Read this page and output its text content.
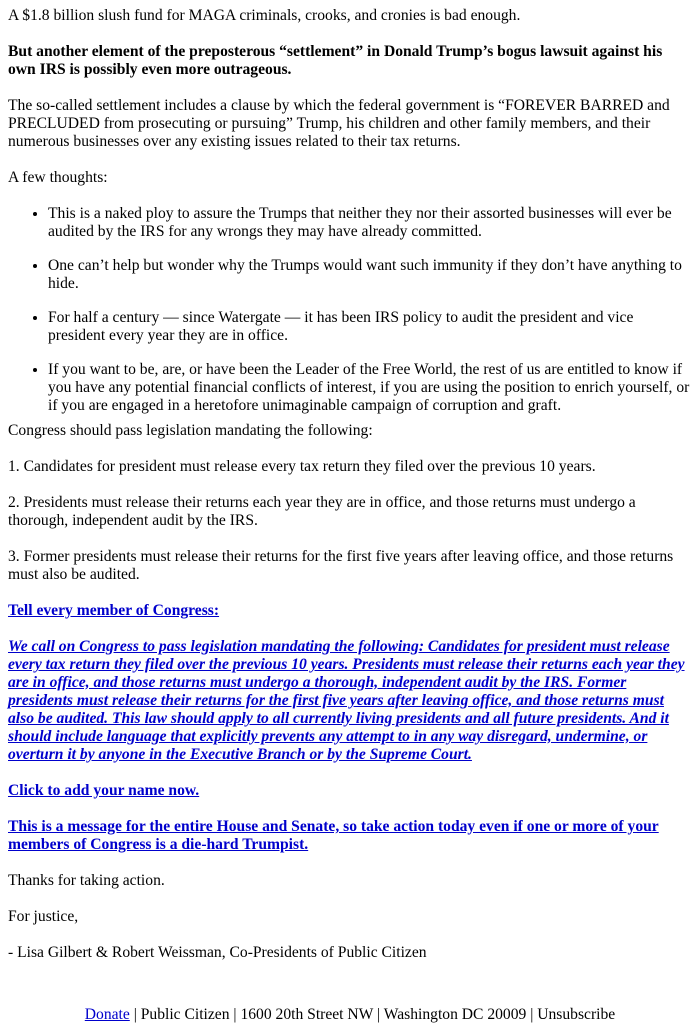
A $1.8 billion slush fund for MAGA criminals, crooks, and cronies is bad enough.

But another element of the preposterous “settlement” in Donald Trump’s bogus lawsuit against his own IRS is possibly even more outrageous.

The so-called settlement includes a clause by which the federal government is “FOREVER BARRED and PRECLUDED from prosecuting or pursuing” Trump, his children and other family members, and their numerous businesses over any existing issues related to their tax returns.

A few thoughts:

• This is a naked ploy to assure the Trumps that neither they nor their assorted businesses will ever be audited by the IRS for any wrongs they may have already committed.
• One can’t help but wonder why the Trumps would want such immunity if they don’t have anything to hide.
• For half a century — since Watergate — it has been IRS policy to audit the president and vice president every year they are in office.
• If you want to be, are, or have been the Leader of the Free World, the rest of us are entitled to know if you have any potential financial conflicts of interest, if you are using the position to enrich yourself, or if you are engaged in a heretofore unimaginable campaign of corruption and graft.

Congress should pass legislation mandating the following:

1. Candidates for president must release every tax return they filed over the previous 10 years.

2. Presidents must release their returns each year they are in office, and those returns must undergo a thorough, independent audit by the IRS.

3. Former presidents must release their returns for the first five years after leaving office, and those returns must also be audited.

Tell every member of Congress:

We call on Congress to pass legislation mandating the following: Candidates for president must release every tax return they filed over the previous 10 years. Presidents must release their returns each year they are in office, and those returns must undergo a thorough, independent audit by the IRS. Former presidents must release their returns for the first five years after leaving office, and those returns must also be audited. This law should apply to all currently living presidents and all future presidents. And it should include language that explicitly prevents any attempt to in any way disregard, undermine, or overturn it by anyone in the Executive Branch or by the Supreme Court.

Click to add your name now.

This is a message for the entire House and Senate, so take action today even if one or more of your members of Congress is a die-hard Trumpist.

Thanks for taking action.

For justice,

- Lisa Gilbert & Robert Weissman, Co-Presidents of Public Citizen

Donate | Public Citizen | 1600 20th Street NW | Washington DC 20009 | Unsubscribe
